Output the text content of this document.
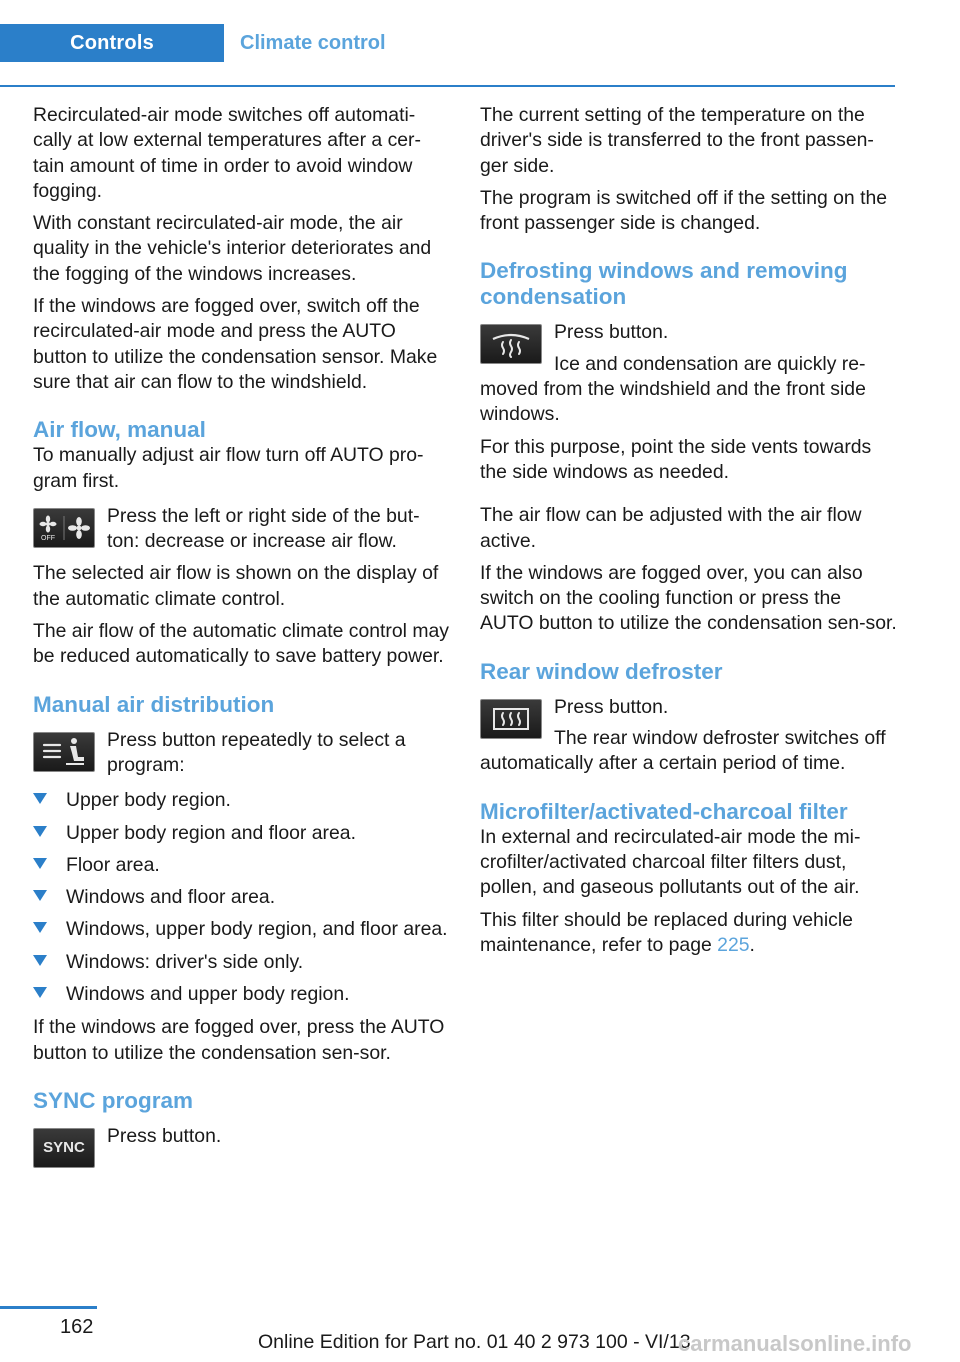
Controls	Climate control

Recirculated-air mode switches off automati-cally at low external temperatures after a cer-tain amount of time in order to avoid window fogging.

With constant recirculated-air mode, the air quality in the vehicle's interior deteriorates and the fogging of the windows increases.

If the windows are fogged over, switch off the recirculated-air mode and press the AUTO button to utilize the condensation sensor. Make sure that air can flow to the windshield.

Air flow, manual

To manually adjust air flow turn off AUTO pro-gram first.

OFF

Press the left or right side of the but-ton: decrease or increase air flow.

The selected air flow is shown on the display of the automatic climate control.

The air flow of the automatic climate control may be reduced automatically to save battery power.

Manual air distribution

Press button repeatedly to select a program:

Upper body region.
Upper body region and floor area.
Floor area.
Windows and floor area.
Windows, upper body region, and floor area.
Windows: driver's side only.
Windows and upper body region.

If the windows are fogged over, press the AUTO button to utilize the condensation sen-sor.

SYNC program
SYNC

Press button.

The current setting of the temperature on the driver's side is transferred to the front passen-ger side.

The program is switched off if the setting on the front passenger side is changed.

Defrosting windows and removing condensation

Press button.

Ice and condensation are quickly re-moved from the windshield and the front side windows.

For this purpose, point the side vents towards the side windows as needed.

The air flow can be adjusted with the air flow active.

If the windows are fogged over, you can also switch on the cooling function or press the AUTO button to utilize the condensation sen-sor.

Rear window defroster

Press button.

The rear window defroster switches off automatically after a certain period of time.

Microfilter/activated-charcoal filter

In external and recirculated-air mode the mi-crofilter/activated charcoal filter filters dust, pollen, and gaseous pollutants out of the air.

This filter should be replaced during vehicle maintenance, refer to page 225.

162
Online Edition for Part no. 01 40 2 973 100 - VI/13
carmanualsonline.info
